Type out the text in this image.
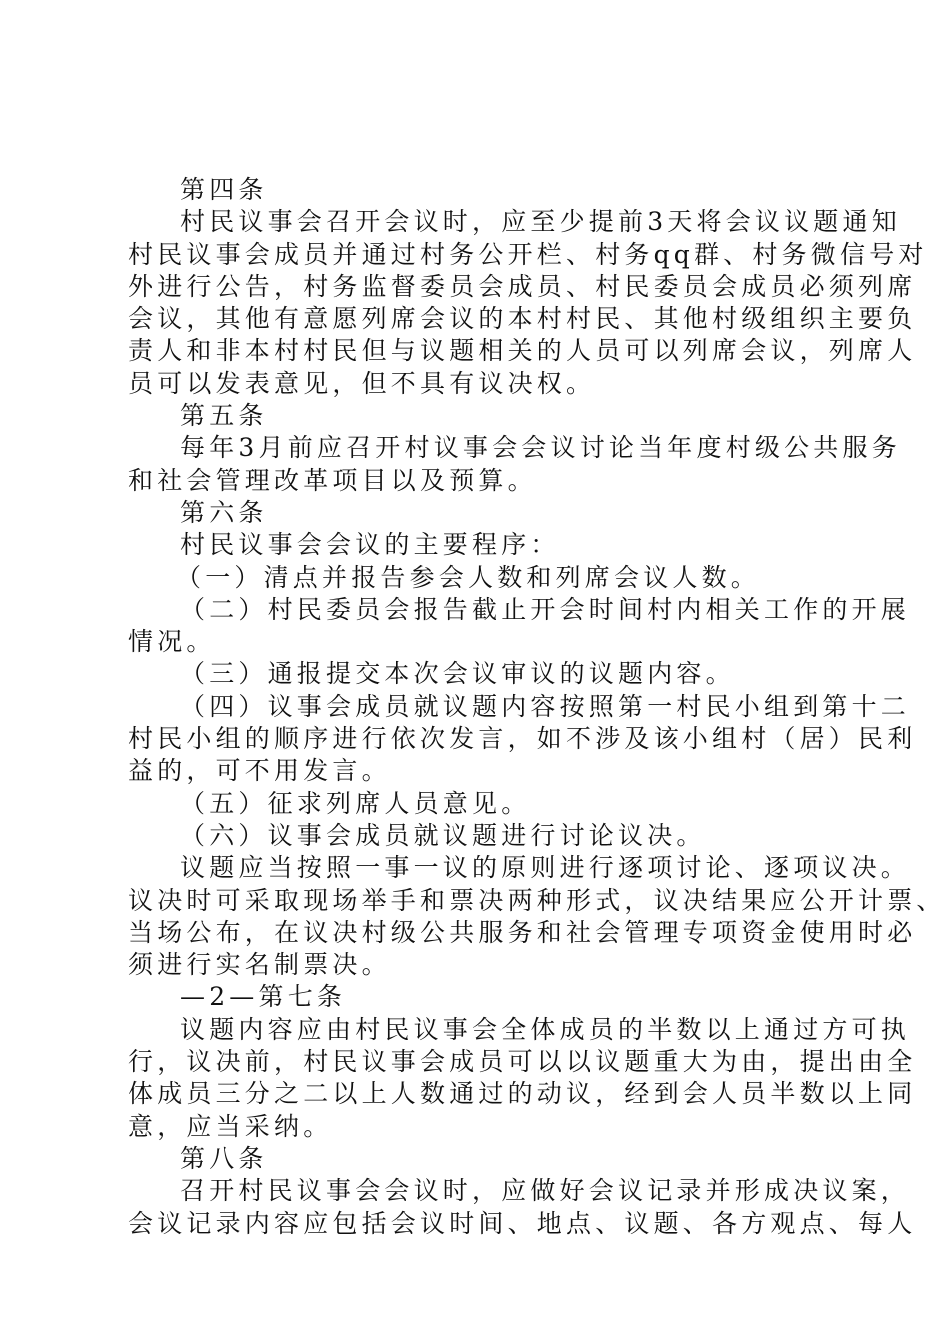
第四条
村民议事会召开会议时，应至少提前3天将会议议题通知
村民议事会成员并通过村务公开栏、村务qq群、村务微信号对
外进行公告，村务监督委员会成员、村民委员会成员必须列席
会议，其他有意愿列席会议的本村村民、其他村级组织主要负
责人和非本村村民但与议题相关的人员可以列席会议，列席人
员可以发表意见，但不具有议决权。
第五条
每年3月前应召开村议事会会议讨论当年度村级公共服务
和社会管理改革项目以及预算。
第六条
村民议事会会议的主要程序：
（一）清点并报告参会人数和列席会议人数。
（二）村民委员会报告截止开会时间村内相关工作的开展
情况。
（三）通报提交本次会议审议的议题内容。
（四）议事会成员就议题内容按照第一村民小组到第十二
村民小组的顺序进行依次发言，如不涉及该小组村（居）民利
益的，可不用发言。
（五）征求列席人员意见。
（六）议事会成员就议题进行讨论议决。
议题应当按照一事一议的原则进行逐项讨论、逐项议决。
议决时可采取现场举手和票决两种形式，议决结果应公开计票、
当场公布，在议决村级公共服务和社会管理专项资金使用时必
须进行实名制票决。
—2—第七条
议题内容应由村民议事会全体成员的半数以上通过方可执
行，议决前，村民议事会成员可以以议题重大为由，提出由全
体成员三分之二以上人数通过的动议，经到会人员半数以上同
意，应当采纳。
第八条
召开村民议事会会议时，应做好会议记录并形成决议案，
会议记录内容应包括会议时间、地点、议题、各方观点、每人
